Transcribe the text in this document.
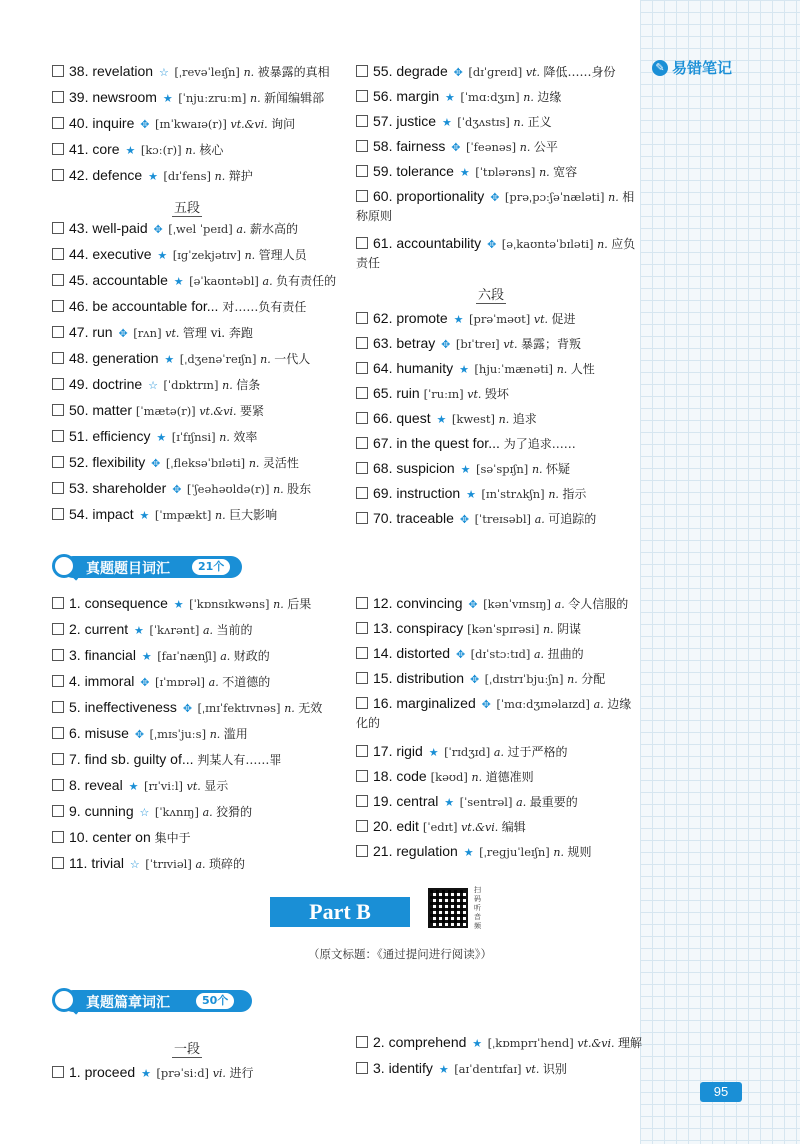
✎ 易错笔记
38. revelation ☆ [ˌrevəˈleɪʃn] n. 被暴露的真相
39. newsroom ★ [ˈnjuːzruːm] n. 新闻编辑部
40. inquire ✥ [ɪnˈkwaɪə(r)] vt.&vi. 询问
41. core ★ [kɔː(r)] n. 核心
42. defence ★ [dɪˈfens] n. 辩护
43. well-paid ✥ [ˌwel ˈpeɪd] a. 薪水高的
44. executive ★ [ɪɡˈzekjətɪv] n. 管理人员
45. accountable ★ [əˈkaʊntəbl] a. 负有责任的
46. be accountable for... 对……负有责任
47. run ✥ [rʌn] vt. 管理 vi. 奔跑
48. generation ★ [ˌdʒenəˈreɪʃn] n. 一代人
49. doctrine ☆ [ˈdɒktrɪn] n. 信条
50. matter [ˈmætə(r)] vt.&vi. 要紧
51. efficiency ★ [ɪˈfɪʃnsi] n. 效率
52. flexibility ✥ [ˌfleksəˈbɪləti] n. 灵活性
53. shareholder ✥ [ˈʃeəhəʊldə(r)] n. 股东
54. impact ★ [ˈɪmpækt] n. 巨大影响
55. degrade ✥ [dɪˈɡreɪd] vt. 降低……身份
56. margin ★ [ˈmɑːdʒɪn] n. 边缘
57. justice ★ [ˈdʒʌstɪs] n. 正义
58. fairness ✥ [ˈfeənəs] n. 公平
59. tolerance ★ [ˈtɒlərəns] n. 宽容
60. proportionality ✥ [prəˌpɔːʃəˈnæləti] n. 相称原则
61. accountability ✥ [əˌkaʊntəˈbɪləti] n. 应负责任
62. promote ★ [prəˈməʊt] vt. 促进
63. betray ✥ [bɪˈtreɪ] vt. 暴露；背叛
64. humanity ★ [hjuːˈmænəti] n. 人性
65. ruin [ˈruːɪn] vt. 毁坏
66. quest ★ [kwest] n. 追求
67. in the quest for... 为了追求……
68. suspicion ★ [səˈspɪʃn] n. 怀疑
69. instruction ★ [ɪnˈstrʌkʃn] n. 指示
70. traceable ✥ [ˈtreɪsəbl] a. 可追踪的
五段
六段
真题题目词汇	21个
1. consequence ★ [ˈkɒnsɪkwəns] n. 后果
2. current ★ [ˈkʌrənt] a. 当前的
3. financial ★ [faɪˈnænʃl] a. 财政的
4. immoral ✥ [ɪˈmɒrəl] a. 不道德的
5. ineffectiveness ✥ [ˌɪnɪˈfektɪvnəs] n. 无效
6. misuse ✥ [ˌmɪsˈjuːs] n. 滥用
7. find sb. guilty of... 判某人有……罪
8. reveal ★ [rɪˈviːl] vt. 显示
9. cunning ☆ [ˈkʌnɪŋ] a. 狡猾的
10. center on 集中于
11. trivial ☆ [ˈtrɪviəl] a. 琐碎的
12. convincing ✥ [kənˈvɪnsɪŋ] a. 令人信服的
13. conspiracy [kənˈspɪrəsi] n. 阴谋
14. distorted ✥ [dɪˈstɔːtɪd] a. 扭曲的
15. distribution ✥ [ˌdɪstrɪˈbjuːʃn] n. 分配
16. marginalized ✥ [ˈmɑːdʒɪnəlaɪzd] a. 边缘化的
17. rigid ★ [ˈrɪdʒɪd] a. 过于严格的
18. code [kəʊd] n. 道德准则
19. central ★ [ˈsentrəl] a. 最重要的
20. edit [ˈedɪt] vt.&vi. 编辑
21. regulation ★ [ˌreɡjuˈleɪʃn] n. 规则
Part B
扫码听音频
（原文标题：《通过提问进行阅读》）
真题篇章词汇	50个
一段
1. proceed ★ [prəˈsiːd] vi. 进行
2. comprehend ★ [ˌkɒmprɪˈhend] vt.&vi. 理解
3. identify ★ [aɪˈdentɪfaɪ] vt. 识别
95
